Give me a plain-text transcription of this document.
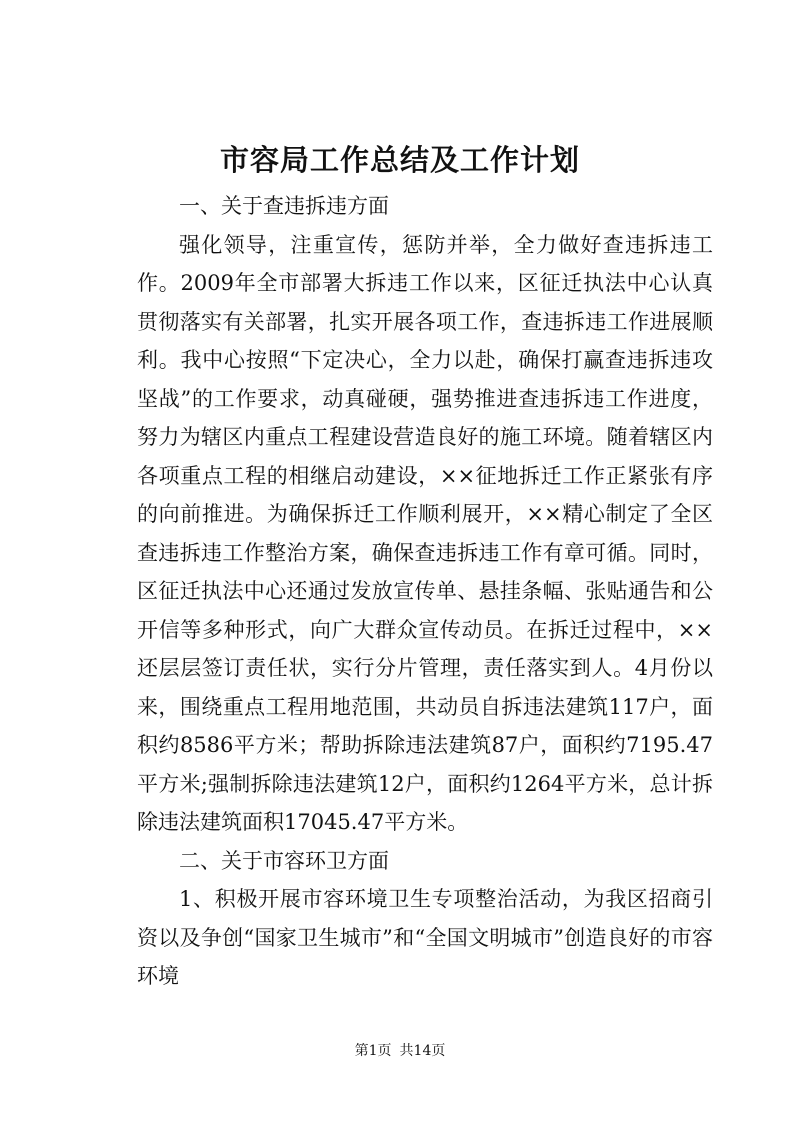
市容局工作总结及工作计划

一、关于查违拆违方面

强化领导，注重宣传，惩防并举，全力做好查违拆违工作。2009年全市部署大拆违工作以来，区征迁执法中心认真贯彻落实有关部署，扎实开展各项工作，查违拆违工作进展顺利。我中心按照“下定决心，全力以赴，确保打赢查违拆违攻坚战”的工作要求，动真碰硬，强势推进查违拆违工作进度，努力为辖区内重点工程建设营造良好的施工环境。随着辖区内各项重点工程的相继启动建设，××征地拆迁工作正紧张有序的向前推进。为确保拆迁工作顺利展开，××精心制定了全区查违拆违工作整治方案，确保查违拆违工作有章可循。同时，区征迁执法中心还通过发放宣传单、悬挂条幅、张贴通告和公开信等多种形式，向广大群众宣传动员。在拆迁过程中，××还层层签订责任状，实行分片管理，责任落实到人。4月份以来，围绕重点工程用地范围，共动员自拆违法建筑117户，面积约8586平方米；帮助拆除违法建筑87户，面积约7195.47平方米;强制拆除违法建筑12户，面积约1264平方米，总计拆除违法建筑面积17045.47平方米。

二、关于市容环卫方面

1、积极开展市容环境卫生专项整治活动，为我区招商引资以及争创“国家卫生城市”和“全国文明城市”创造良好的市容环境

第1页 共14页
